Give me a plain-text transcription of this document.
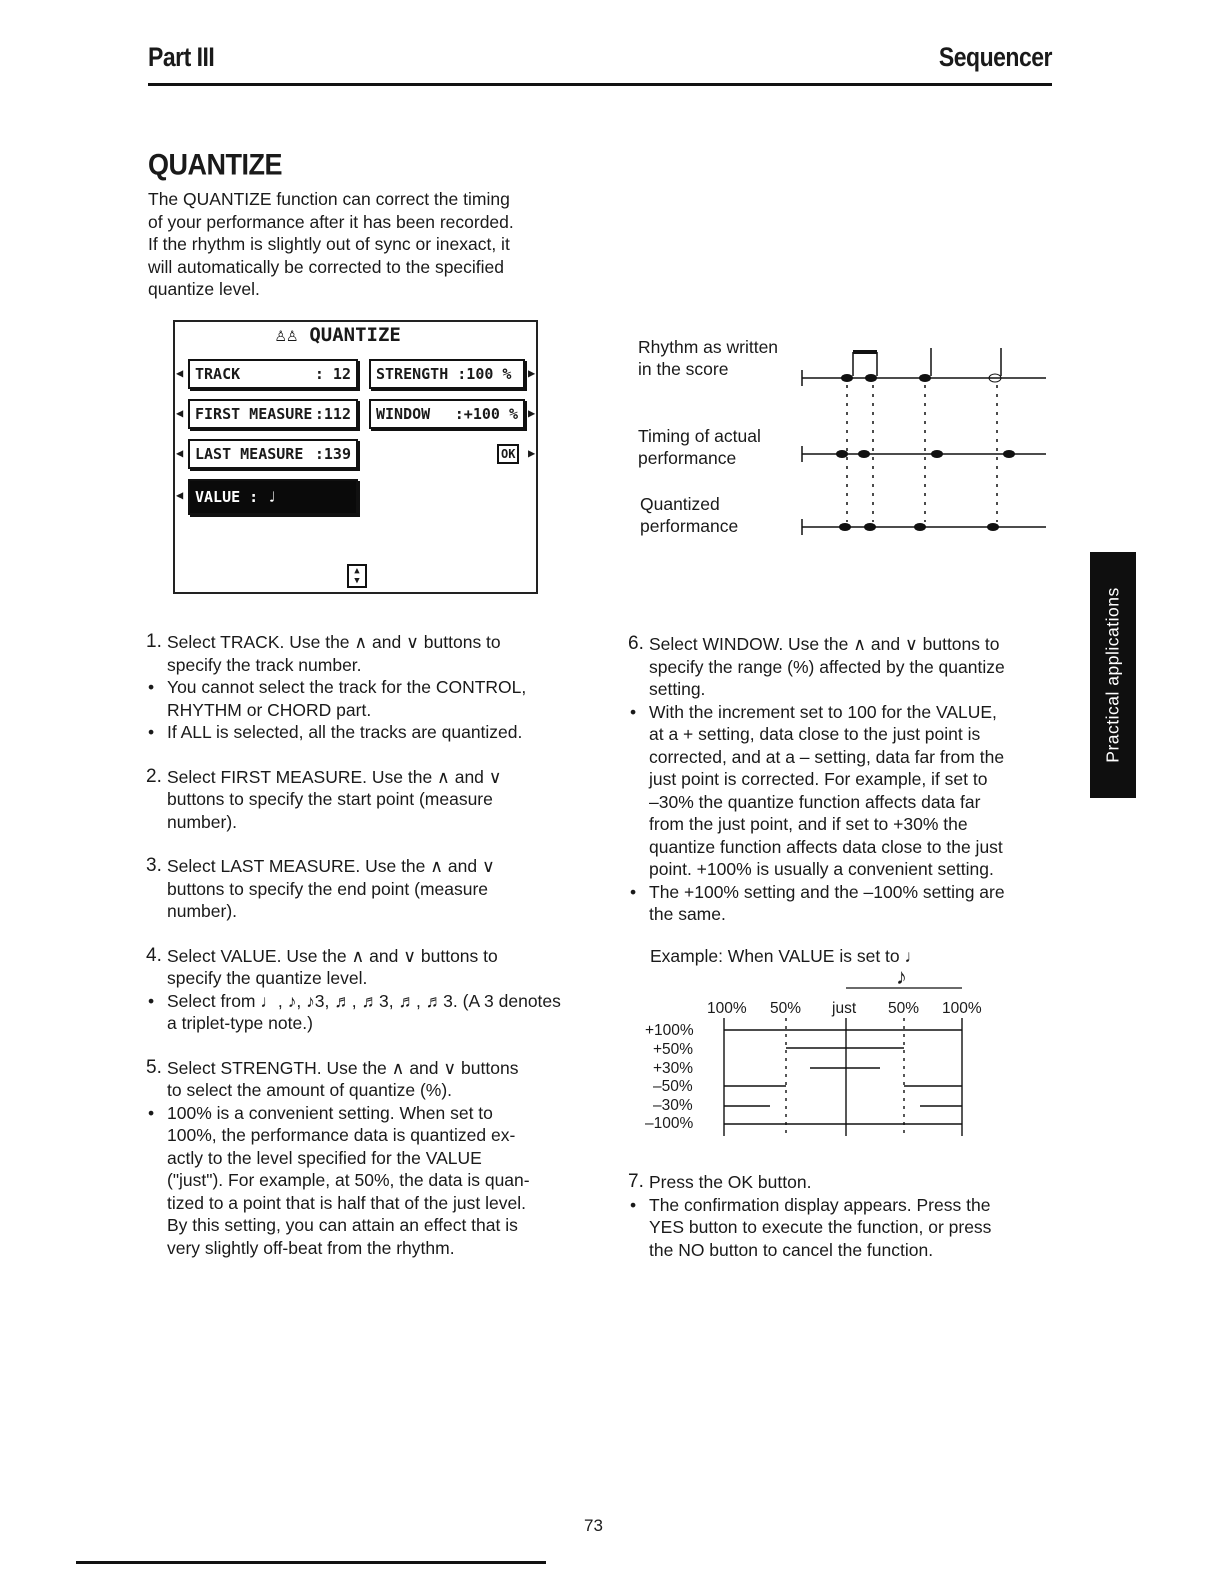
Part III	Sequencer
QUANTIZE
The QUANTIZE function can correct the timing
of your performance after it has been recorded.
If the rhythm is slightly out of sync or inexact, it
will automatically be corrected to the specified
quantize level.
♙♙ QUANTIZE
◀ TRACK	: 12 STRENGTH :100 % ▶
◀ FIRST MEASURE :112 WINDOW :+100 % ▶
◀ LAST MEASURE :139	OK	▶
◀ VALUE : ♩
▲
▼
Rhythm as written
in the score
Timing of actual
performance
Quantized
performance
1. Select TRACK. Use the ∧ and ∨ buttons to
specify the track number.
• You cannot select the track for the CONTROL,
RHYTHM or CHORD part.
• If ALL is selected, all the tracks are quantized.
2. Select FIRST MEASURE. Use the ∧ and ∨
buttons to specify the start point (measure
number).
3. Select LAST MEASURE. Use the ∧ and ∨
buttons to specify the end point (measure
number).
4. Select VALUE. Use the ∧ and ∨ buttons to
specify the quantize level.
• Select from ♩, ♪, ♪3, ♬, ♬3, ♬, ♬3. (A 3 denotes
a triplet-type note.)
5. Select STRENGTH. Use the ∧ and ∨ buttons
to select the amount of quantize (%).
• 100% is a convenient setting. When set to
100%, the performance data is quantized ex-
actly to the level specified for the VALUE
("just"). For example, at 50%, the data is quan-
tized to a point that is half that of the just level.
By this setting, you can attain an effect that is
very slightly off-beat from the rhythm.
6. Select WINDOW. Use the ∧ and ∨ buttons to
specify the range (%) affected by the quantize
setting.
• With the increment set to 100 for the VALUE,
at a + setting, data close to the just point is
corrected, and at a – setting, data far from the
just point is corrected. For example, if set to
–30% the quantize function affects data far
from the just point, and if set to +30% the
quantize function affects data close to the just
point. +100% is usually a convenient setting.
• The +100% setting and the –100% setting are
the same.
Example: When VALUE is set to ♩
♪
100% 50% just 50% 100%
+100%
+50%
+30%
–50%
–30%
–100%
7. Press the OK button.
• The confirmation display appears. Press the
YES button to execute the function, or press
the NO button to cancel the function.
Practical applications
73
